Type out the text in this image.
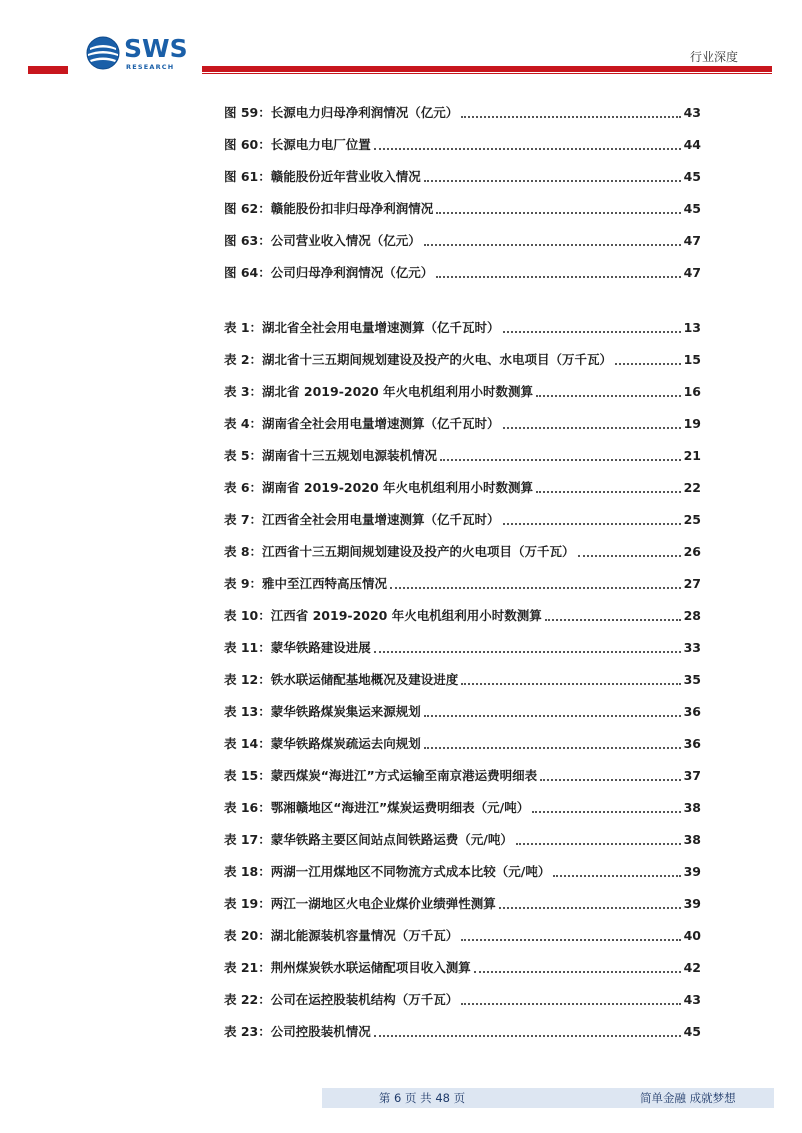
SWS
RESEARCH
行业深度
图 59：长源电力归母净利润情况（亿元）	43
图 60：长源电力电厂位置	44
图 61：赣能股份近年营业收入情况	45
图 62：赣能股份扣非归母净利润情况	45
图 63：公司营业收入情况（亿元）	47
图 64：公司归母净利润情况（亿元）	47
表 1：湖北省全社会用电量增速测算（亿千瓦时）	13
表 2：湖北省十三五期间规划建设及投产的火电、水电项目（万千瓦）	15
表 3：湖北省 2019-2020 年火电机组利用小时数测算	16
表 4：湖南省全社会用电量增速测算（亿千瓦时）	19
表 5：湖南省十三五规划电源装机情况	21
表 6：湖南省 2019-2020 年火电机组利用小时数测算	22
表 7：江西省全社会用电量增速测算（亿千瓦时）	25
表 8：江西省十三五期间规划建设及投产的火电项目（万千瓦）	26
表 9：雅中至江西特高压情况	27
表 10：江西省 2019-2020 年火电机组利用小时数测算	28
表 11：蒙华铁路建设进展	33
表 12：铁水联运储配基地概况及建设进度	35
表 13：蒙华铁路煤炭集运来源规划	36
表 14：蒙华铁路煤炭疏运去向规划	36
表 15：蒙西煤炭“海进江”方式运输至南京港运费明细表	37
表 16：鄂湘赣地区“海进江”煤炭运费明细表（元/吨）	38
表 17：蒙华铁路主要区间站点间铁路运费（元/吨）	38
表 18：两湖一江用煤地区不同物流方式成本比较（元/吨）	39
表 19：两江一湖地区火电企业煤价业绩弹性测算	39
表 20：湖北能源装机容量情况（万千瓦）	40
表 21：荆州煤炭铁水联运储配项目收入测算	42
表 22：公司在运控股装机结构（万千瓦）	43
表 23：公司控股装机情况	45
第 6 页 共 48 页	简单金融 成就梦想
